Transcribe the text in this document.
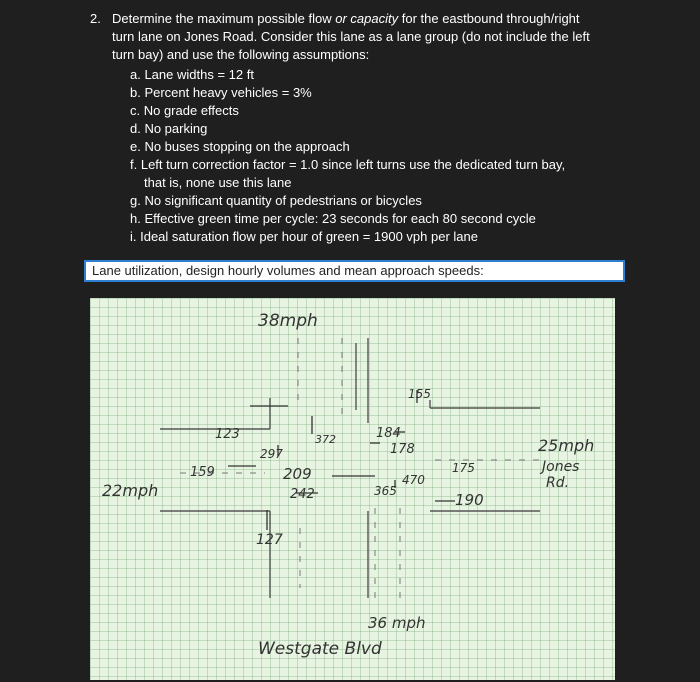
2. Determine the maximum possible flow or capacity for the eastbound through/right
turn lane on Jones Road. Consider this lane as a lane group (do not include the left
turn bay) and use the following assumptions:
a. Lane widths = 12 ft
b. Percent heavy vehicles = 3%
c. No grade effects
d. No parking
e. No buses stopping on the approach
f. Left turn correction factor = 1.0 since left turns use the dedicated turn bay,
that is, none use this lane
g. No significant quantity of pedestrians or bicycles
h. Effective green time per cycle: 23 seconds for each 80 second cycle
i. Ideal saturation flow per hour of green = 1900 vph per lane
Lane utilization, design hourly volumes and mean approach speeds:
38mph
36 mph
22mph
25mph
Jones
Rd.
Westgate Blvd
123	372
297
159	209
242
155
184
178
175
470
190
365
127
